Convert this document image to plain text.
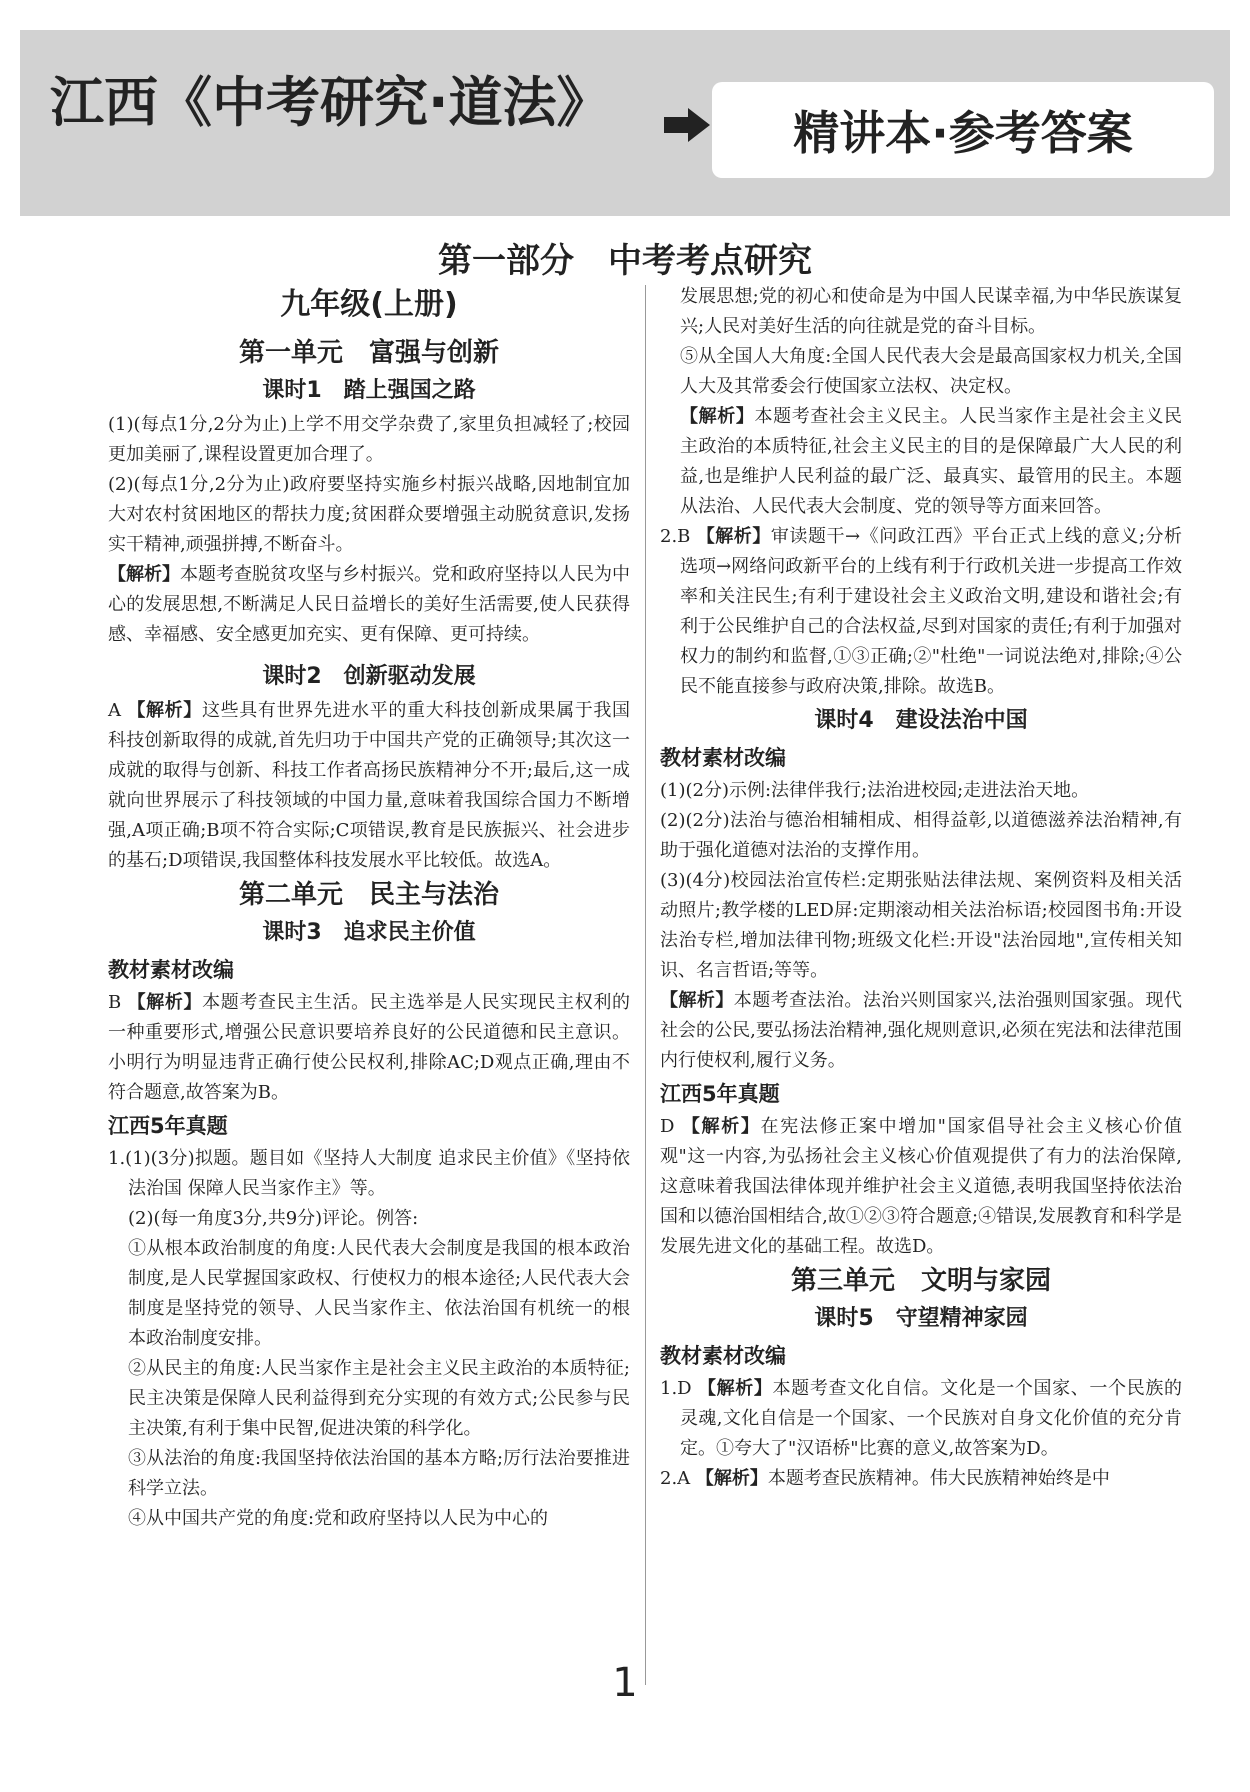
江西《中考研究·道法》	精讲本·参考答案
第一部分　中考考点研究
九年级(上册)
第一单元　富强与创新
课时1　踏上强国之路

(1)(每点1分,2分为止)上学不用交学杂费了,家里负担减轻了;校园更加美丽了,课程设置更加合理了。

(2)(每点1分,2分为止)政府要坚持实施乡村振兴战略,因地制宜加大对农村贫困地区的帮扶力度;贫困群众要增强主动脱贫意识,发扬实干精神,顽强拼搏,不断奋斗。

【解析】本题考查脱贫攻坚与乡村振兴。党和政府坚持以人民为中心的发展思想,不断满足人民日益增长的美好生活需要,使人民获得感、幸福感、安全感更加充实、更有保障、更可持续。

课时2　创新驱动发展

A 【解析】这些具有世界先进水平的重大科技创新成果属于我国科技创新取得的成就,首先归功于中国共产党的正确领导;其次这一成就的取得与创新、科技工作者高扬民族精神分不开;最后,这一成就向世界展示了科技领域的中国力量,意味着我国综合国力不断增强,A项正确;B项不符合实际;C项错误,教育是民族振兴、社会进步的基石;D项错误,我国整体科技发展水平比较低。故选A。

第二单元　民主与法治
课时3　追求民主价值
教材素材改编

B 【解析】本题考查民主生活。民主选举是人民实现民主权利的一种重要形式,增强公民意识要培养良好的公民道德和民主意识。小明行为明显违背正确行使公民权利,排除AC;D观点正确,理由不符合题意,故答案为B。

江西5年真题

1.(1)(3分)拟题。题目如《坚持人大制度 追求民主价值》《坚持依法治国 保障人民当家作主》等。

(2)(每一角度3分,共9分)评论。例答:

①从根本政治制度的角度:人民代表大会制度是我国的根本政治制度,是人民掌握国家政权、行使权力的根本途径;人民代表大会制度是坚持党的领导、人民当家作主、依法治国有机统一的根本政治制度安排。

②从民主的角度:人民当家作主是社会主义民主政治的本质特征;民主决策是保障人民利益得到充分实现的有效方式;公民参与民主决策,有利于集中民智,促进决策的科学化。

③从法治的角度:我国坚持依法治国的基本方略;厉行法治要推进科学立法。

④从中国共产党的角度:党和政府坚持以人民为中心的

发展思想;党的初心和使命是为中国人民谋幸福,为中华民族谋复兴;人民对美好生活的向往就是党的奋斗目标。

⑤从全国人大角度:全国人民代表大会是最高国家权力机关,全国人大及其常委会行使国家立法权、决定权。

【解析】本题考查社会主义民主。人民当家作主是社会主义民主政治的本质特征,社会主义民主的目的是保障最广大人民的利益,也是维护人民利益的最广泛、最真实、最管用的民主。本题从法治、人民代表大会制度、党的领导等方面来回答。

2.B 【解析】审读题干→《问政江西》平台正式上线的意义;分析选项→网络问政新平台的上线有利于行政机关进一步提高工作效率和关注民生;有利于建设社会主义政治文明,建设和谐社会;有利于公民维护自己的合法权益,尽到对国家的责任;有利于加强对权力的制约和监督,①③正确;②"杜绝"一词说法绝对,排除;④公民不能直接参与政府决策,排除。故选B。

课时4　建设法治中国
教材素材改编

(1)(2分)示例:法律伴我行;法治进校园;走进法治天地。

(2)(2分)法治与德治相辅相成、相得益彰,以道德滋养法治精神,有助于强化道德对法治的支撑作用。

(3)(4分)校园法治宣传栏:定期张贴法律法规、案例资料及相关活动照片;教学楼的LED屏:定期滚动相关法治标语;校园图书角:开设法治专栏,增加法律刊物;班级文化栏:开设"法治园地",宣传相关知识、名言哲语;等等。

【解析】本题考查法治。法治兴则国家兴,法治强则国家强。现代社会的公民,要弘扬法治精神,强化规则意识,必须在宪法和法律范围内行使权利,履行义务。

江西5年真题

D 【解析】在宪法修正案中增加"国家倡导社会主义核心价值观"这一内容,为弘扬社会主义核心价值观提供了有力的法治保障,这意味着我国法律体现并维护社会主义道德,表明我国坚持依法治国和以德治国相结合,故①②③符合题意;④错误,发展教育和科学是发展先进文化的基础工程。故选D。

第三单元　文明与家园
课时5　守望精神家园
教材素材改编

1.D 【解析】本题考查文化自信。文化是一个国家、一个民族的灵魂,文化自信是一个国家、一个民族对自身文化价值的充分肯定。①夸大了"汉语桥"比赛的意义,故答案为D。

2.A 【解析】本题考查民族精神。伟大民族精神始终是中

1
